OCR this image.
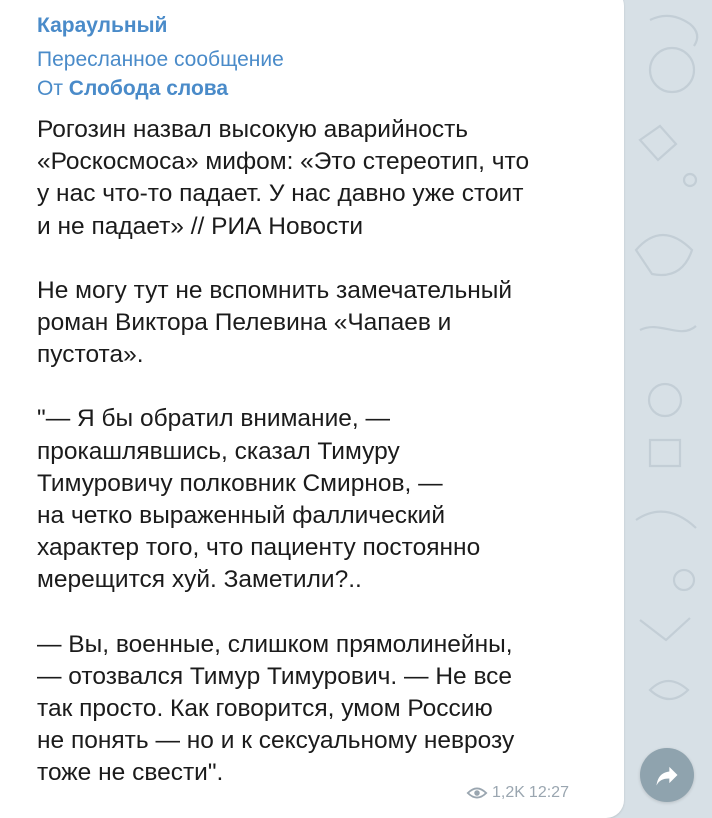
Караульный
Пересланное сообщение
От Слобода слова
Рогозин назвал высокую аварийность
«Роскосмоса» мифом: «Это стереотип, что
у нас что-то падает. У нас давно уже стоит
и не падает» // РИА Новости
Не могу тут не вспомнить замечательный
роман Виктора Пелевина «Чапаев и
пустота».
"— Я бы обратил внимание, —
прокашлявшись, сказал Тимуру
Тимуровичу полковник Смирнов, —
на четко выраженный фаллический
характер того, что пациенту постоянно
мерещится хуй. Заметили?..
— Вы, военные, слишком прямолинейны,
— отозвался Тимур Тимурович. — Не все
так просто. Как говорится, умом Россию
не понять — но и к сексуальному неврозу
тоже не свести".
1,2K 12:27
